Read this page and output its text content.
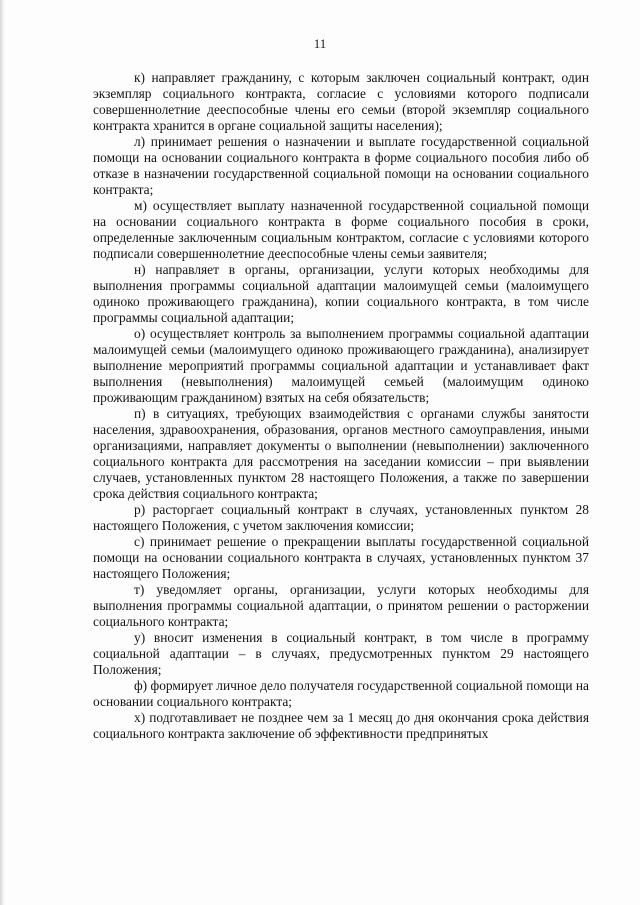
11

к) направляет гражданину, с которым заключен социальный контракт, один экземпляр социального контракта, согласие с условиями которого подписали совершеннолетние дееспособные члены его семьи (второй экземпляр социального контракта хранится в органе социальной защиты населения);

л) принимает решения о назначении и выплате государственной социальной помощи на основании социального контракта в форме социального пособия либо об отказе в назначении государственной социальной помощи на основании социального контракта;

м) осуществляет выплату назначенной государственной социальной помощи на основании социального контракта в форме социального пособия в сроки, определенные заключенным социальным контрактом, согласие с условиями которого подписали совершеннолетние дееспособные члены семьи заявителя;

н) направляет в органы, организации, услуги которых необходимы для выполнения программы социальной адаптации малоимущей семьи (малоимущего одиноко проживающего гражданина), копии социального контракта, в том числе программы социальной адаптации;

о) осуществляет контроль за выполнением программы социальной адаптации малоимущей семьи (малоимущего одиноко проживающего гражданина), анализирует выполнение мероприятий программы социальной адаптации и устанавливает факт выполнения (невыполнения) малоимущей семьей (малоимущим одиноко проживающим гражданином) взятых на себя обязательств;

п) в ситуациях, требующих взаимодействия с органами службы занятости населения, здравоохранения, образования, органов местного самоуправления, иными организациями, направляет документы о выполнении (невыполнении) заключенного социального контракта для рассмотрения на заседании комиссии – при выявлении случаев, установленных пунктом 28 настоящего Положения, а также по завершении срока действия социального контракта;

р) расторгает социальный контракт в случаях, установленных пунктом 28 настоящего Положения, с учетом заключения комиссии;

с) принимает решение о прекращении выплаты государственной социальной помощи на основании социального контракта в случаях, установленных пунктом 37 настоящего Положения;

т) уведомляет органы, организации, услуги которых необходимы для выполнения программы социальной адаптации, о принятом решении о расторжении социального контракта;

у) вносит изменения в социальный контракт, в том числе в программу социальной адаптации – в случаях, предусмотренных пунктом 29 настоящего Положения;

ф) формирует личное дело получателя государственной социальной помощи на основании социального контракта;

х) подготавливает не позднее чем за 1 месяц до дня окончания срока действия социального контракта заключение об эффективности предпринятых
